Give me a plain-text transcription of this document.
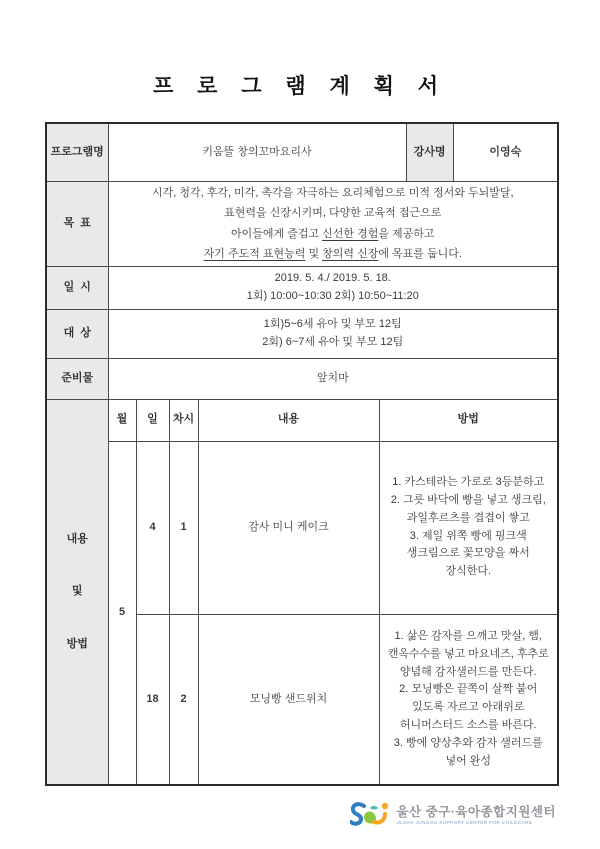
프 로 그 램 계 획 서
프로그램명	키움뜰 창의꼬마요리사					강사명	이영숙
목  표	시각, 청각, 후각, 미각, 촉각을 자극하는 요리체험으로 미적 정서와 두뇌발달,
표현력을 신장시키며, 다양한 교육적 접근으로
아이들에게 즐겁고 신선한 경험을 제공하고
자기 주도적 표현능력 및 창의력 신장에 목표를 둡니다.						

일  시	2019. 5. 4./ 2019. 5. 18.
1회) 10:00~10:30 2회) 10:50~11:20						

대  상	1회)5~6세 유아 및 부모 12팀
2회) 6~7세 유아 및 부모 12팀						

준비물	앞치마						

내용

및

방법	월	일	차시	내용	방법		
5	4	1	감사 미니 케이크	
1. 카스테라는 가로로 3등분하고
2. 그릇 바닥에 빵을 넣고 생크림,
과일후르츠를 겹겹이 쌓고
3. 제일 위쪽 빵에 핑크색
생크림으로 꽃모양을 짜서
장식한다.

18	2	모닝빵 샌드위치	
1. 삶은 감자를 으깨고 맛살, 햄,
캔옥수수를 넣고 마요네즈, 후추로
양념해 감자샐러드를 만든다.
2. 모닝빵은 끝쪽이 살짝 붙어
있도록 자르고 아래위로
허니머스터드 소스를 바른다.
3. 빵에 양상추와 감자 샐러드를
넣어 완성
울산 중구·육아종합지원센터
ULSAN JUNGGU SUPPORT CENTER FOR CHILDCARE
